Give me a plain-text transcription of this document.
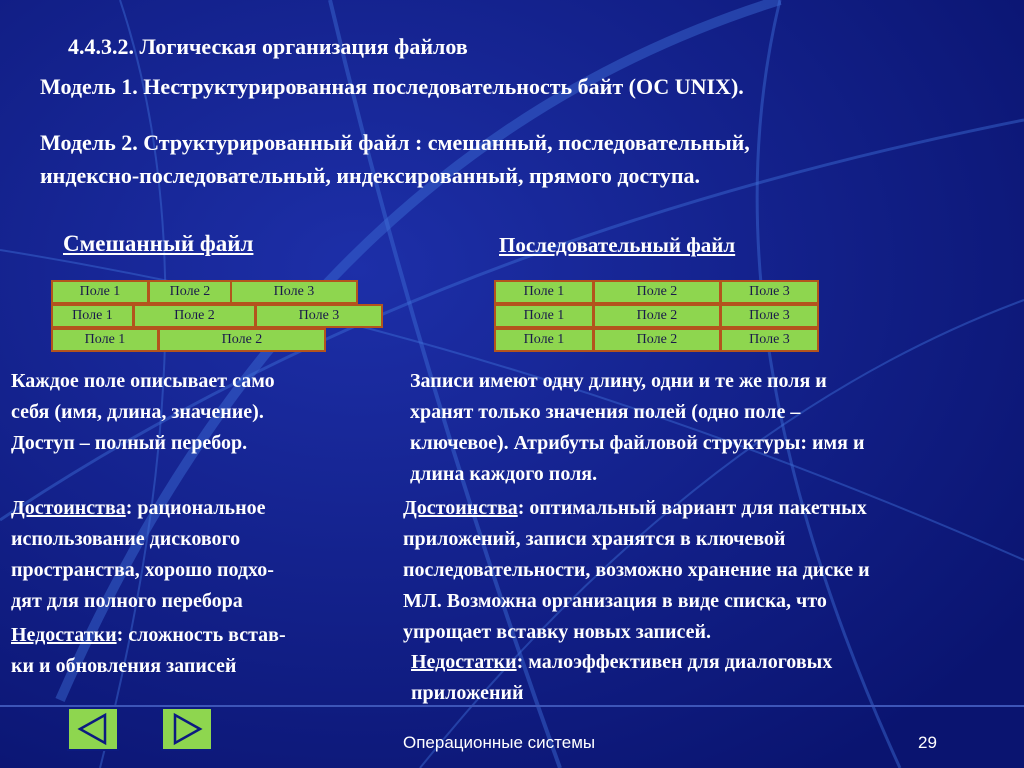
4.4.3.2. Логическая организация файлов
Модель 1. Неструктурированная последовательность байт (ОС UNIX).
Модель 2. Структурированный файл : смешанный, последовательный,
индексно-последовательный, индексированный, прямого доступа.
Смешанный файл
Поле 1	Поле 2	Поле 3
Поле 1	Поле 2	Поле 3
Поле 1	Поле 2
Каждое поле описывает само
себя (имя, длина, значение).
Доступ – полный перебор.
Достоинства: рациональное
использование дискового
пространства, хорошо подхо-
дят для полного перебора
Недостатки: сложность встав-
ки и обновления записей
Последовательный файл
Поле 1	Поле 2	Поле 3
Поле 1	Поле 2	Поле 3
Поле 1	Поле 2	Поле 3
Записи имеют одну длину, одни и те же поля и
хранят только значения полей (одно поле –
ключевое). Атрибуты файловой структуры: имя и
длина каждого поля.
Достоинства: оптимальный вариант для пакетных
приложений, записи хранятся в ключевой
последовательности, возможно хранение на диске и
МЛ. Возможна организация в виде списка, что
упрощает вставку новых записей.
Недостатки: малоэффективен для диалоговых
приложений
Операционные системы	29
